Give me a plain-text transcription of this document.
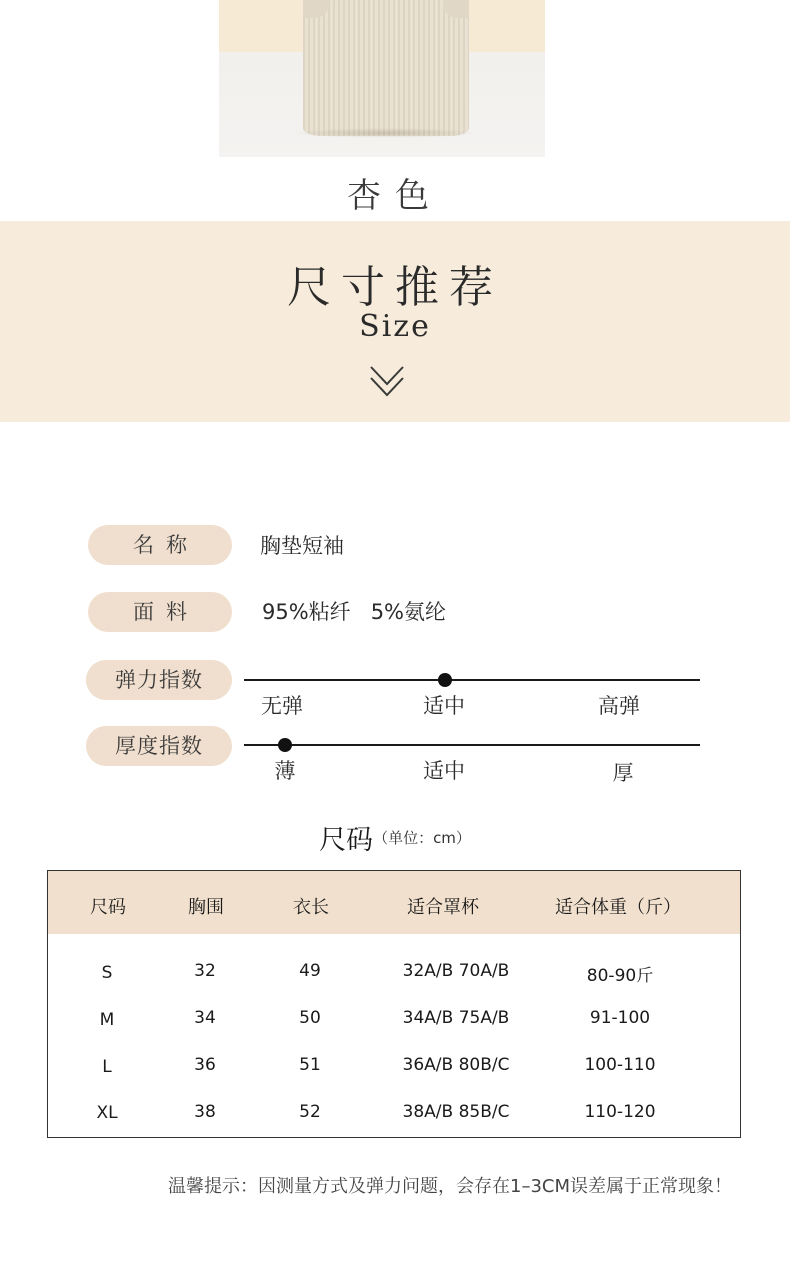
杏色
尺寸推荐
Size
名称	胸垫短袖
面料	95%粘纤   5%氨纶
弹力指数
无弹	适中	高弹
厚度指数
薄	适中	厚
尺码（单位：cm）
尺码	胸围	衣长	适合罩杯	适合体重（斤）
S	32	49	32A/B 70A/B	80-90斤
M	34	50	34A/B 75A/B	91-100
L	36	51	36A/B 80B/C	100-110
XL	38	52	38A/B 85B/C	110-120
温馨提示：因测量方式及弹力问题，会存在1–3CM误差属于正常现象！
